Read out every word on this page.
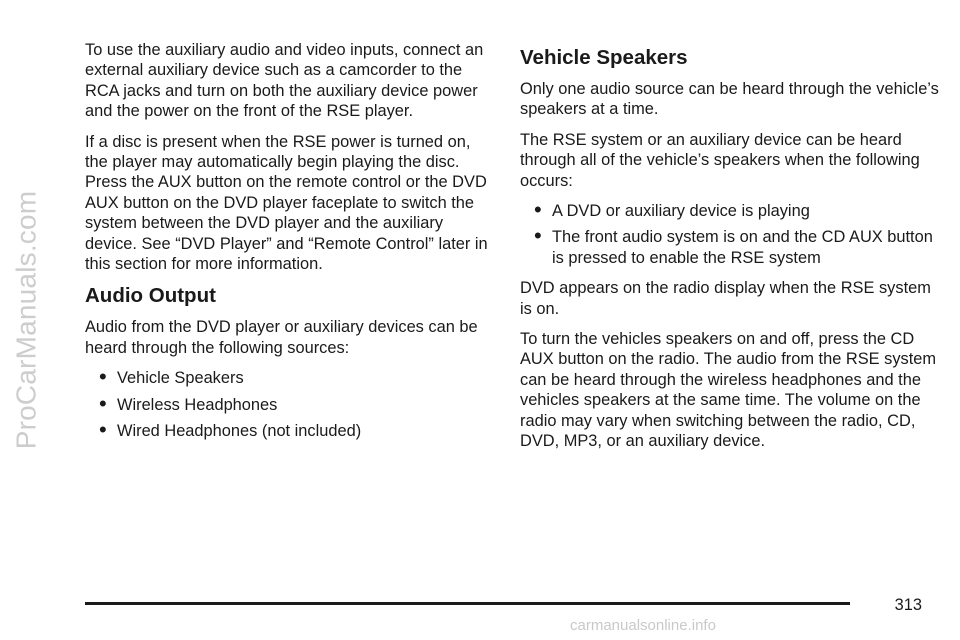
ProCarManuals.com

To use the auxiliary audio and video inputs, connect an external auxiliary device such as a camcorder to the RCA jacks and turn on both the auxiliary device power and the power on the front of the RSE player.

If a disc is present when the RSE power is turned on, the player may automatically begin playing the disc. Press the AUX button on the remote control or the DVD AUX button on the DVD player faceplate to switch the system between the DVD player and the auxiliary device. See “DVD Player” and “Remote Control” later in this section for more information.

Audio Output

Audio from the DVD player or auxiliary devices can be heard through the following sources:

• Vehicle Speakers
• Wireless Headphones
• Wired Headphones (not included)
Vehicle Speakers

Only one audio source can be heard through the vehicle’s speakers at a time.

The RSE system or an auxiliary device can be heard through all of the vehicle’s speakers when the following occurs:

• A DVD or auxiliary device is playing
• The front audio system is on and the CD AUX button is pressed to enable the RSE system

DVD appears on the radio display when the RSE system is on.

To turn the vehicles speakers on and off, press the CD AUX button on the radio. The audio from the RSE system can be heard through the wireless headphones and the vehicles speakers at the same time. The volume on the radio may vary when switching between the radio, CD, DVD, MP3, or an auxiliary device.

313
carmanualsonline.info
